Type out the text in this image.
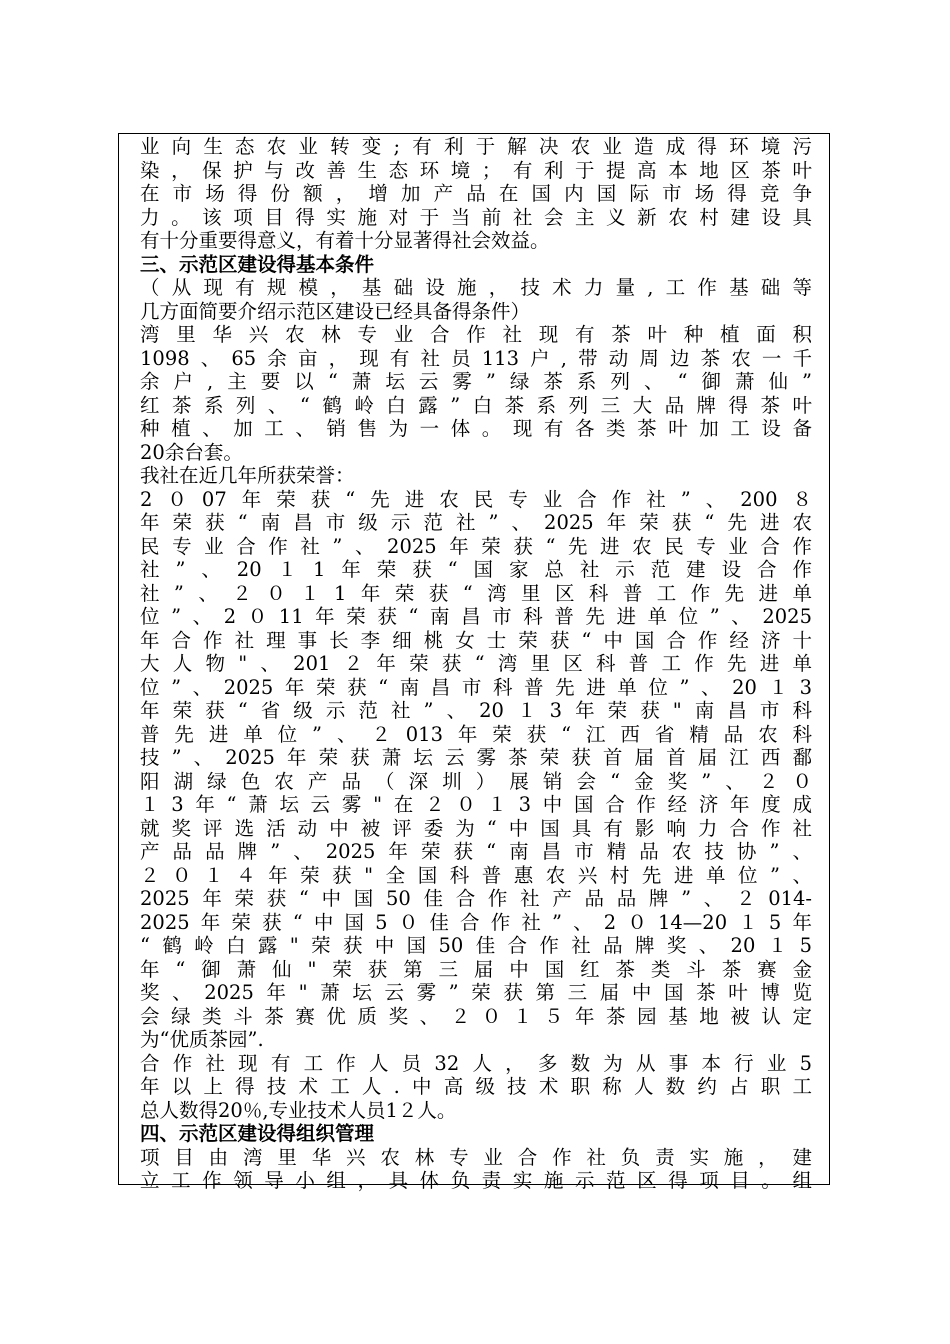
业向生态农业转变;有利于解决农业造成得环境污
染，保护与改善生态环境；有利于提高本地区茶叶
在市场得份额，增加产品在国内国际市场得竞争
力。该项目得实施对于当前社会主义新农村建设具
有十分重要得意义，有着十分显著得社会效益。
三、示范区建设得基本条件
（从现有规模，基础设施，技术力量,工作基础等
几方面简要介绍示范区建设已经具备得条件）
湾里华兴农林专业合作社现有茶叶种植面积
1098、65余亩，现有社员113户,带动周边茶农一千
余户,主要以“萧坛云雾”绿茶系列、“御萧仙”
红茶系列、“鹤岭白露”白茶系列三大品牌得茶叶
种植、加工、销售为一体。现有各类茶叶加工设备
20余台套。
我社在近几年所获荣誉：
2０07年荣获“先进农民专业合作社”、200８
年荣获“南昌市级示范社”、2025年荣获“先进农
民专业合作社”、2025年荣获“先进农民专业合作
社”、20１1年荣获“国家总社示范建设合作
社”、２０１1年荣获“湾里区科普工作先进单
位”、2０11年荣获“南昌市科普先进单位”、2025
年合作社理事长李细桃女士荣获“中国合作经济十
大人物"、201２年荣获“湾里区科普工作先进单
位”、2025年荣获“南昌市科普先进单位”、20１3
年荣获“省级示范社”、20１3年荣获"南昌市科
普先进单位”、２013年荣获“江西省精品农科
技”、2025年荣获萧坛云雾茶荣获首届首届江西鄱
阳湖绿色农产品（深圳）展销会“金奖”、２０
１3年“萧坛云雾"在２０１3中国合作经济年度成
就奖评选活动中被评委为“中国具有影响力合作社
产品品牌”、2025年荣获“南昌市精品农技协”、
２０１４年荣获"全国科普惠农兴村先进单位”、
2025年荣获“中国50佳合作社产品品牌”、２014-
2025年荣获“中国5０佳合作社”、2０14—20１5年
“鹤岭白露"荣获中国50佳合作社品牌奖、20１5
年“御萧仙"荣获第三届中国红茶类斗茶赛金
奖、2025年"萧坛云雾”荣获第三届中国茶叶博览
会绿类斗茶赛优质奖、２０１５年茶园基地被认定
为“优质茶园”.
合作社现有工作人员32人，多数为从事本行业5
年以上得技术工人.中高级技术职称人数约占职工
总人数得20％,专业技术人员1２人。
四、示范区建设得组织管理
项目由湾里华兴农林专业合作社负责实施，建
立工作领导小组，具体负责实施示范区得项目。组
